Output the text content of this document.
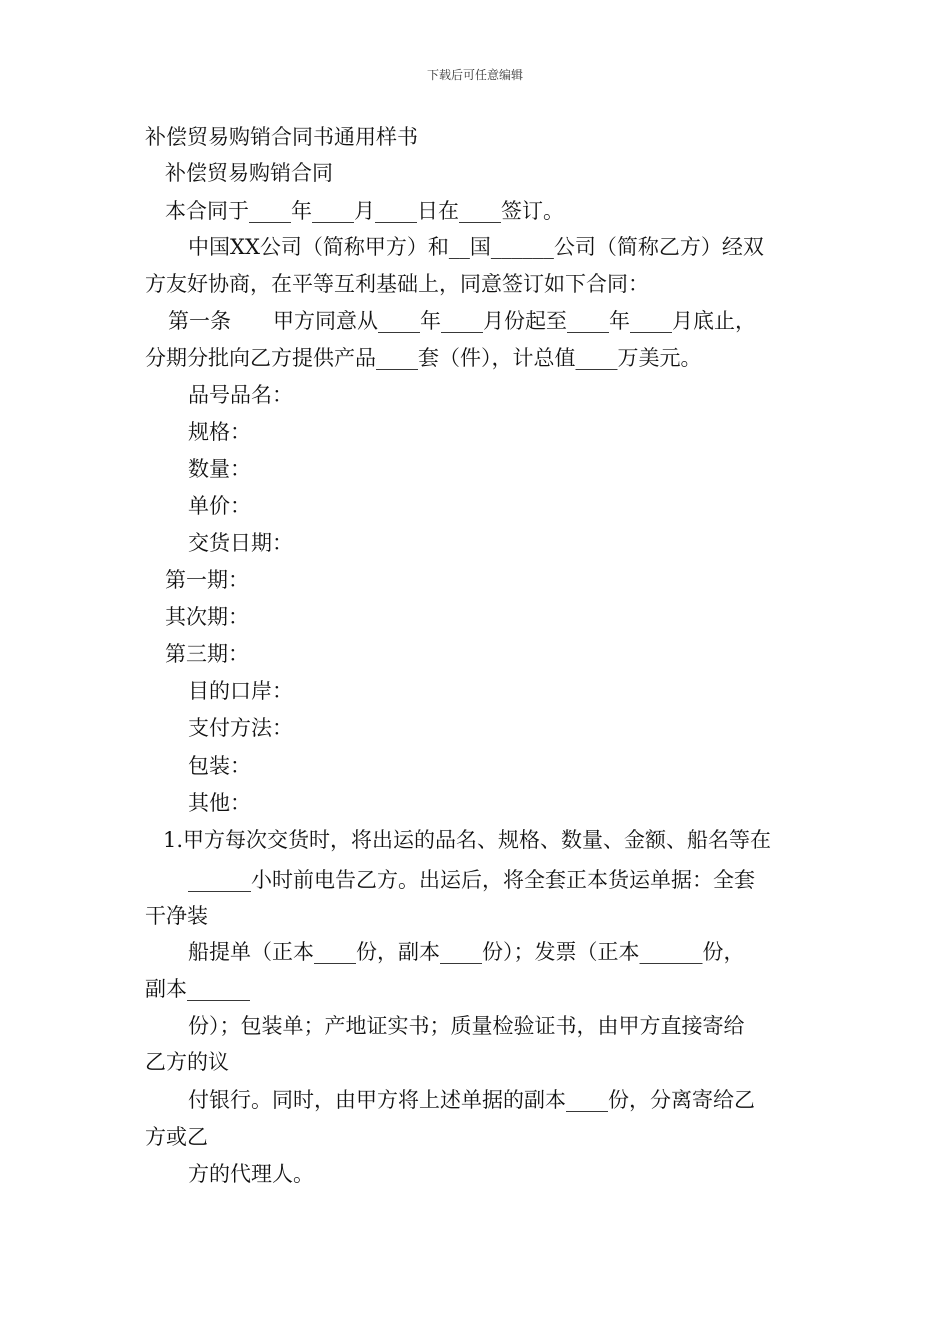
下载后可任意编辑
补偿贸易购销合同书通用样书
补偿贸易购销合同
本合同于____年____月____日在____签订。
中国XX公司（简称甲方）和__国______公司（简称乙方）经双
方友好协商，在平等互利基础上，同意签订如下合同：
第一条　　甲方同意从____年____月份起至____年____月底止，
分期分批向乙方提供产品____套（件），计总值____万美元。
品号品名：
规格：
数量：
单价：
交货日期：
第一期：
其次期：
第三期：
目的口岸：
支付方法：
包装：
其他：
1.甲方每次交货时，将出运的品名、规格、数量、金额、船名等在
______小时前电告乙方。出运后，将全套正本货运单据：全套
干净装
船提单（正本____份，副本____份）；发票（正本______份，
副本______
份）；包装单；产地证实书；质量检验证书，由甲方直接寄给
乙方的议
付银行。同时，由甲方将上述单据的副本____份，分离寄给乙
方或乙
方的代理人。
